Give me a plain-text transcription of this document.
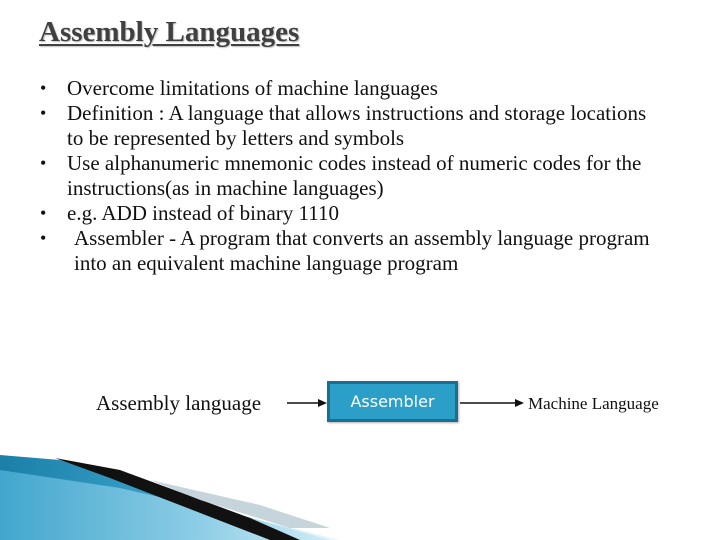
Assembly Languages
• Overcome limitations of machine languages
• Definition : A language that allows instructions and storage locations to be represented by letters and symbols
• Use alphanumeric mnemonic codes instead of numeric codes for the instructions(as in machine languages)
• e.g. ADD instead of binary 1110
• Assembler - A program that converts an assembly language program into an equivalent machine language program
Assembly language	Assembler	Machine Language
